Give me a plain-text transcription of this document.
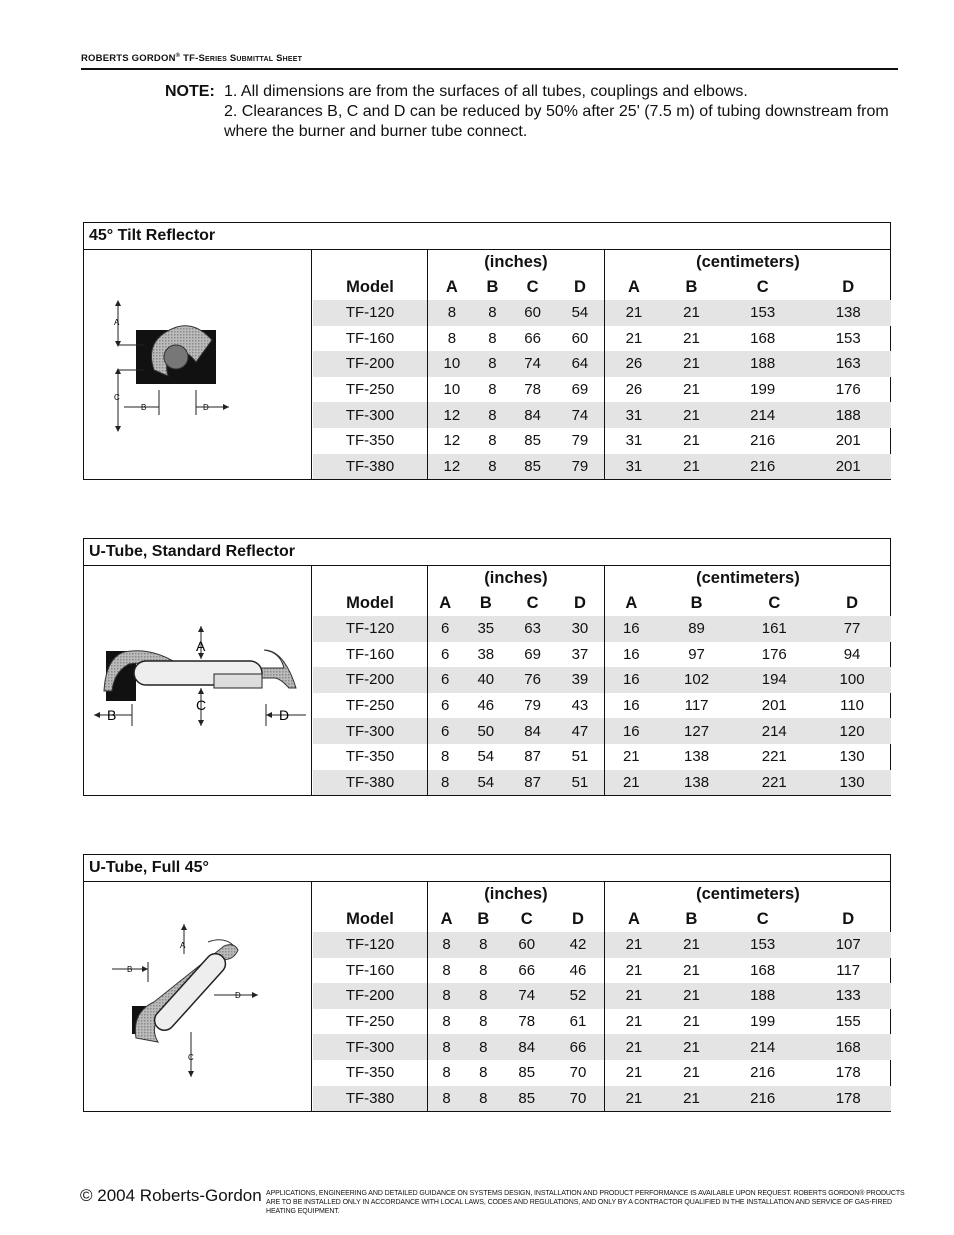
ROBERTS GORDON® TF-Series Submittal Sheet
NOTE: 1. All dimensions are from the surfaces of all tubes, couplings and elbows.
2. Clearances B, C and D can be reduced by 50% after 25' (7.5 m) of tubing downstream from where the burner and burner tube connect.
45° Tilt Reflector
A
C
B	D
	(inches)				(centimeters)			
Model	A	B	C	D	A	B	C	D
TF-120	8	8	60	54	21	21	153	138
TF-160	8	8	66	60	21	21	168	153
TF-200	10	8	74	64	26	21	188	163
TF-250	10	8	78	69	26	21	199	176
TF-300	12	8	84	74	31	21	214	188
TF-350	12	8	85	79	31	21	216	201
TF-380	12	8	85	79	31	21	216	201
U-Tube, Standard Reflector
A
C
B	D
	(inches)				(centimeters)			
Model	A	B	C	D	A	B	C	D
TF-120	6	35	63	30	16	89	161	77
TF-160	6	38	69	37	16	97	176	94
TF-200	6	40	76	39	16	102	194	100
TF-250	6	46	79	43	16	117	201	110
TF-300	6	50	84	47	16	127	214	120
TF-350	8	54	87	51	21	138	221	130
TF-380	8	54	87	51	21	138	221	130
U-Tube, Full 45°
A
C
B
D
	(inches)				(centimeters)			
Model	A	B	C	D	A	B	C	D
TF-120	8	8	60	42	21	21	153	107
TF-160	8	8	66	46	21	21	168	117
TF-200	8	8	74	52	21	21	188	133
TF-250	8	8	78	61	21	21	199	155
TF-300	8	8	84	66	21	21	214	168
TF-350	8	8	85	70	21	21	216	178
TF-380	8	8	85	70	21	21	216	178
© 2004 Roberts-Gordon APPLICATIONS, ENGINEERING AND DETAILED GUIDANCE ON SYSTEMS DESIGN, INSTALLATION AND PRODUCT PERFORMANCE IS AVAILABLE UPON REQUEST. ROBERTS GORDON® PRODUCTS ARE TO BE INSTALLED ONLY IN ACCORDANCE WITH LOCAL LAWS, CODES AND REGULATIONS, AND ONLY BY A CONTRACTOR QUALIFIED IN THE INSTALLATION AND SERVICE OF GAS-FIRED HEATING EQUIPMENT.
